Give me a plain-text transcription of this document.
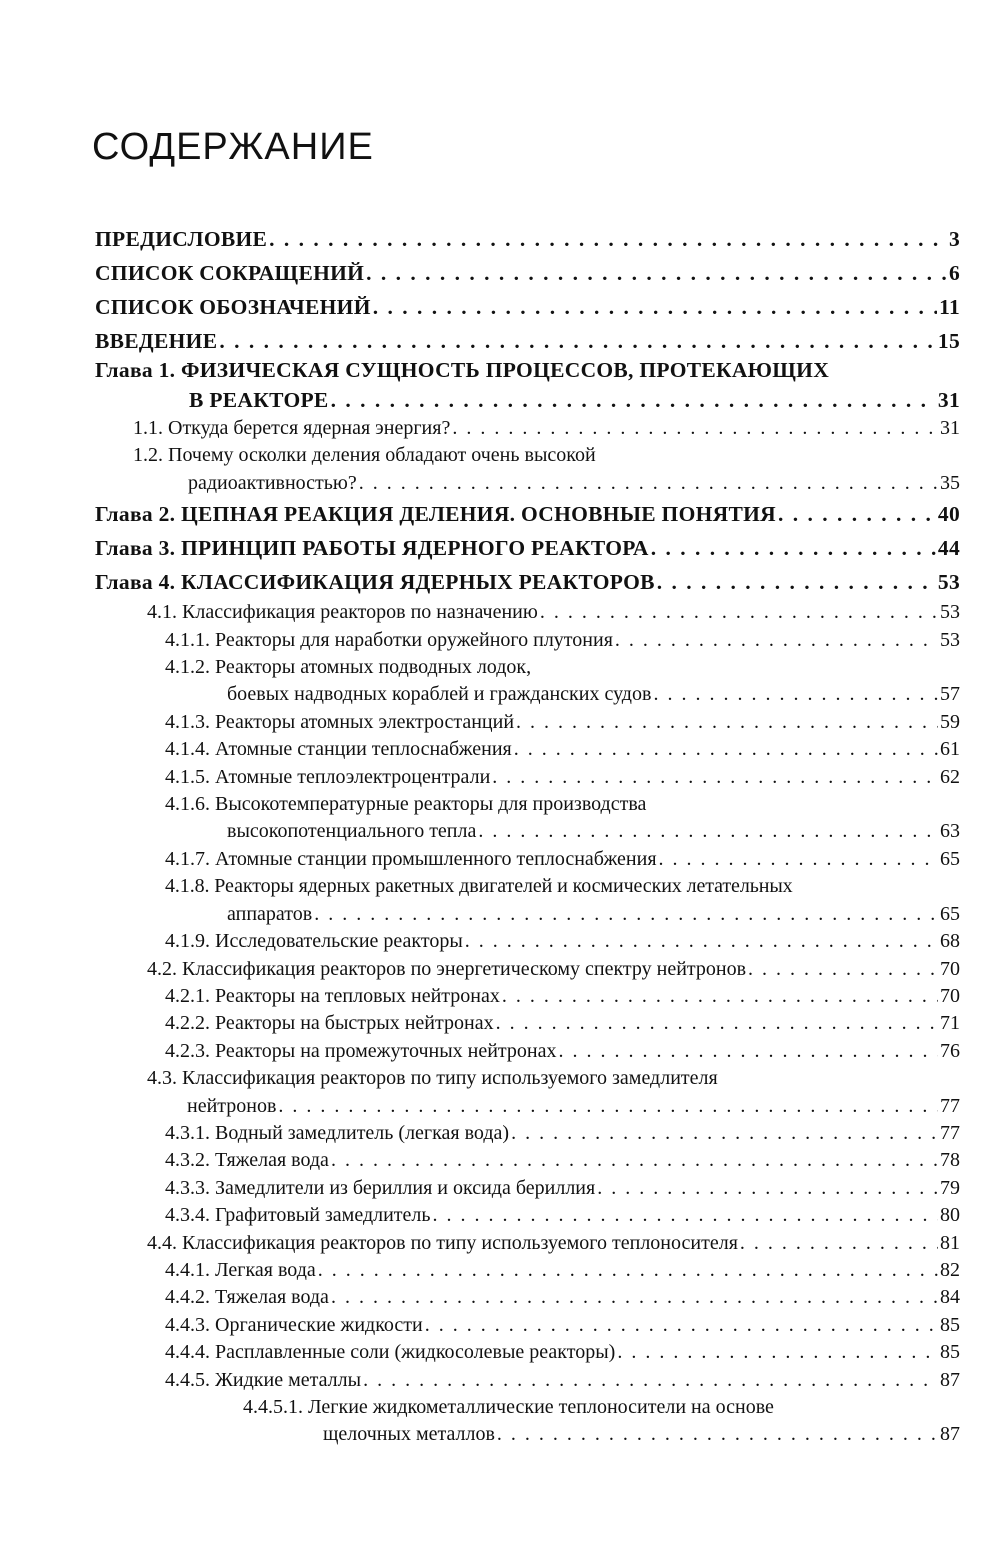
СОДЕРЖАНИЕ
ПРЕДИСЛОВИЕ . . .	3
СПИСОК СОКРАЩЕНИЙ . . .	6
СПИСОК ОБОЗНАЧЕНИЙ . . .	11
ВВЕДЕНИЕ . . .	15
Глава 1. ФИЗИЧЕСКАЯ СУЩНОСТЬ ПРОЦЕССОВ, ПРОТЕКАЮЩИХ
В РЕАКТОРЕ . . .	31
1.1. Откуда берется ядерная энергия? . . .	31
1.2. Почему осколки деления обладают очень высокой
радиоактивностью? . . .	35
Глава 2. ЦЕПНАЯ РЕАКЦИЯ ДЕЛЕНИЯ. ОСНОВНЫЕ ПОНЯТИЯ . . .	40
Глава 3. ПРИНЦИП РАБОТЫ ЯДЕРНОГО РЕАКТОРА . . .	44
Глава 4. КЛАССИФИКАЦИЯ ЯДЕРНЫХ РЕАКТОРОВ . . .	53
4.1. Классификация реакторов по назначению . . .	53
4.1.1. Реакторы для наработки оружейного плутония . . .	53
4.1.2. Реакторы атомных подводных лодок,
боевых надводных кораблей и гражданских судов . . .	57
4.1.3. Реакторы атомных электростанций . . .	59
4.1.4. Атомные станции теплоснабжения . . .	61
4.1.5. Атомные теплоэлектроцентрали . . .	62
4.1.6. Высокотемпературные реакторы для производства
высокопотенциального тепла . . .	63
4.1.7. Атомные станции промышленного теплоснабжения . . .	65
4.1.8. Реакторы ядерных ракетных двигателей и космических летательных
аппаратов . . .	65
4.1.9. Исследовательские реакторы . . .	68
4.2. Классификация реакторов по энергетическому спектру нейтронов . . .	70
4.2.1. Реакторы на тепловых нейтронах . . .	70
4.2.2. Реакторы на быстрых нейтронах . . .	71
4.2.3. Реакторы на промежуточных нейтронах . . .	76
4.3. Классификация реакторов по типу используемого замедлителя
нейтронов . . .	77
4.3.1. Водный замедлитель (легкая вода) . . .	77
4.3.2. Тяжелая вода . . .	78
4.3.3. Замедлители из бериллия и оксида бериллия . . .	79
4.3.4. Графитовый замедлитель . . .	80
4.4. Классификация реакторов по типу используемого теплоносителя . . .	81
4.4.1. Легкая вода . . .	82
4.4.2. Тяжелая вода . . .	84
4.4.3. Органические жидкости . . .	85
4.4.4. Расплавленные соли (жидкосолевые реакторы) . . .	85
4.4.5. Жидкие металлы . . .	87
4.4.5.1. Легкие жидкометаллические теплоносители на основе
щелочных металлов . . .	87
